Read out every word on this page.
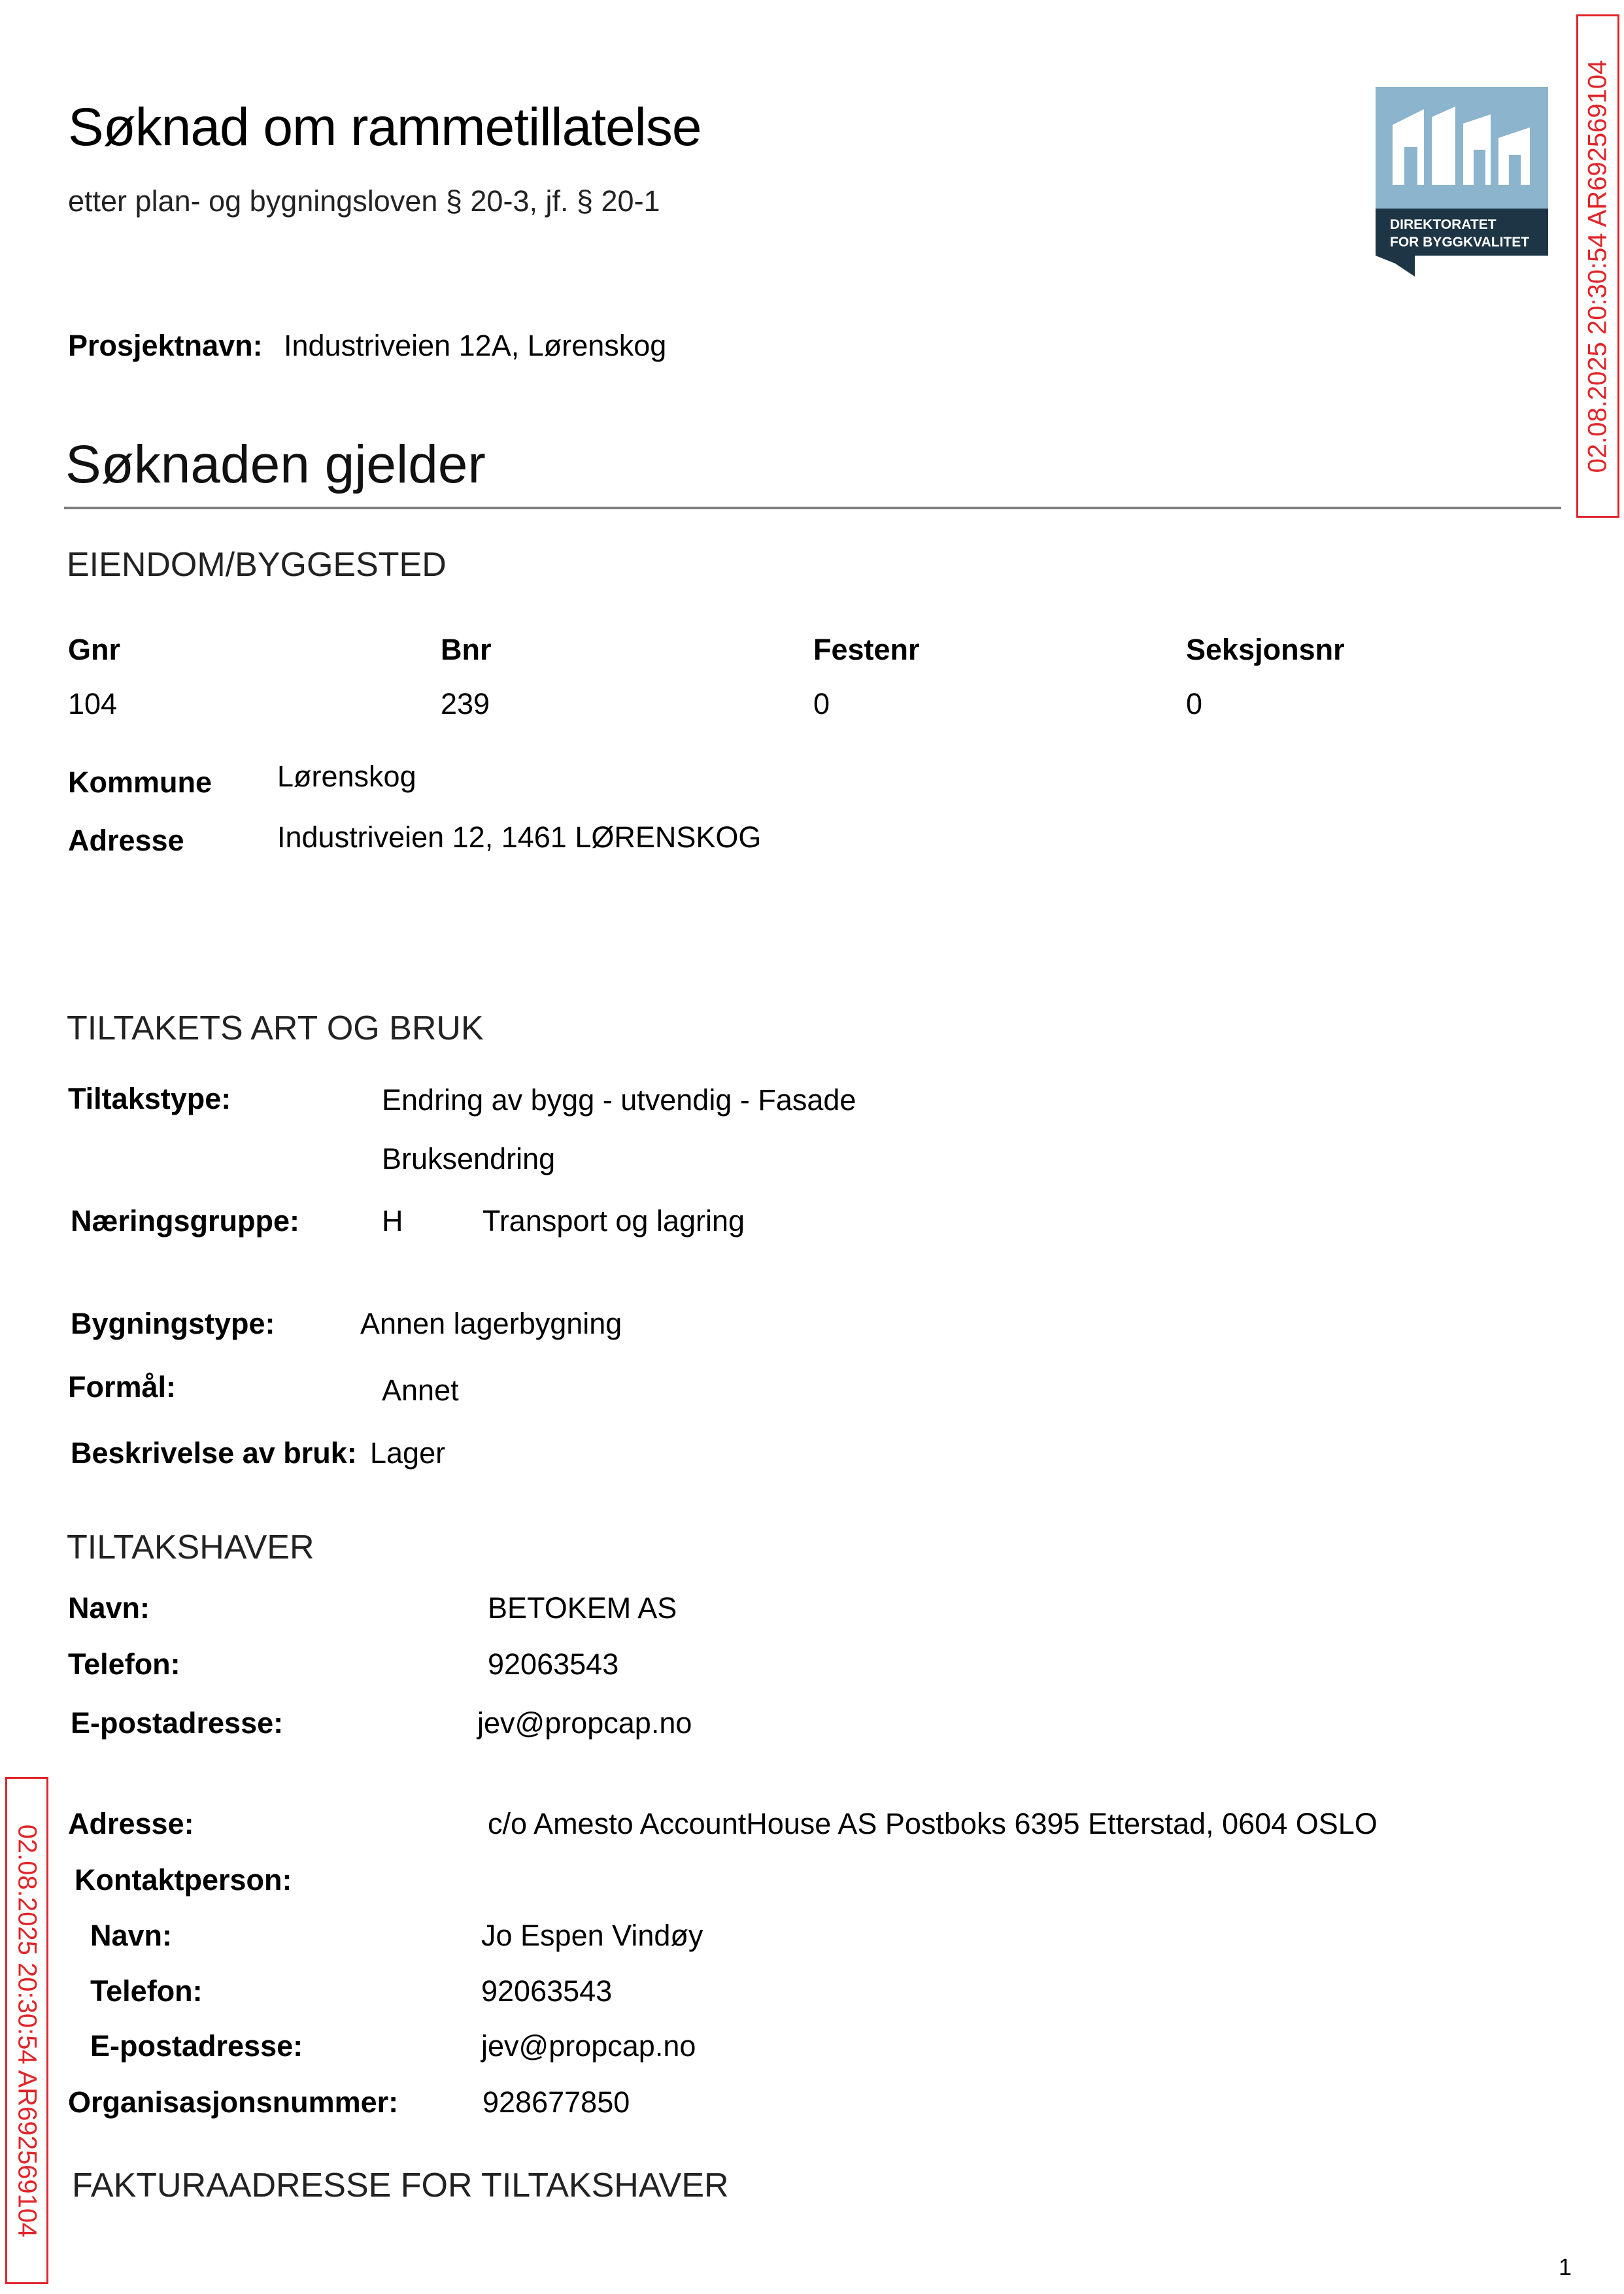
Søknad om rammetillatelse
etter plan- og bygningsloven § 20-3, jf. § 20-1
DIREKTORATET
FOR BYGGKVALITET 02.08.2025 20:30:54 AR692569104
02.08.2025 20:30:54 AR692569104
Prosjektnavn: Industriveien 12A, Lørenskog
Søknaden gjelder
EIENDOM/BYGGESTED
Gnr	Bnr	Festenr	Seksjonsnr
104	239	0	0
Kommune Lørenskog
Adresse	Industriveien 12, 1461 LØRENSKOG
TILTAKETS ART OG BRUK
Tiltakstype:	Endring av bygg - utvendig - Fasade
Bruksendring
Næringsgruppe:	H	Transport og lagring
Bygningstype:	Annen lagerbygning
Formål:	Annet
Beskrivelse av bruk: Lager
TILTAKSHAVER
Navn:	BETOKEM AS
Telefon:	92063543
E-postadresse:	jev@propcap.no
Adresse:	c/o Amesto AccountHouse AS Postboks 6395 Etterstad, 0604 OSLO
Kontaktperson:
Navn:	Jo Espen Vindøy
Telefon:	92063543
E-postadresse:	jev@propcap.no
Organisasjonsnummer:	928677850
FAKTURAADRESSE FOR TILTAKSHAVER
1
